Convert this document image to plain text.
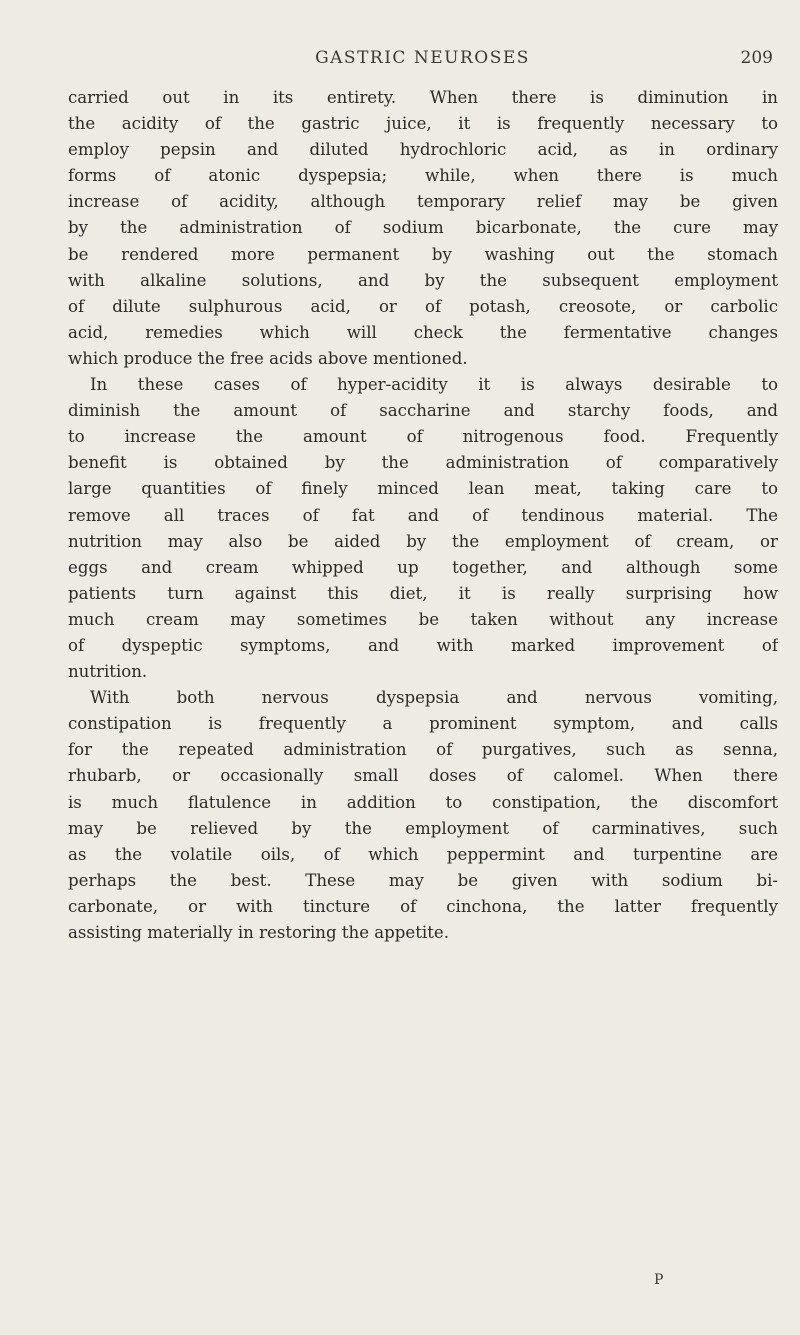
GASTRIC NEUROSES	209
carried out in its entirety. When there is diminution in
the acidity of the gastric juice, it is frequently necessary to
employ pepsin and diluted hydrochloric acid, as in ordinary
forms of atonic dyspepsia; while, when there is much
increase of acidity, although temporary relief may be given
by the administration of sodium bicarbonate, the cure may
be rendered more permanent by washing out the stomach
with alkaline solutions, and by the subsequent employment
of dilute sulphurous acid, or of potash, creosote, or carbolic
acid, remedies which will check the fermentative changes
which produce the free acids above mentioned.
In these cases of hyper-acidity it is always desirable to
diminish the amount of saccharine and starchy foods, and
to increase the amount of nitrogenous food. Frequently
benefit is obtained by the administration of comparatively
large quantities of finely minced lean meat, taking care to
remove all traces of fat and of tendinous material. The
nutrition may also be aided by the employment of cream, or
eggs and cream whipped up together, and although some
patients turn against this diet, it is really surprising how
much cream may sometimes be taken without any increase
of dyspeptic symptoms, and with marked improvement of
nutrition.
With both nervous dyspepsia and nervous vomiting,
constipation is frequently a prominent symptom, and calls
for the repeated administration of purgatives, such as senna,
rhubarb, or occasionally small doses of calomel. When there
is much flatulence in addition to constipation, the discomfort
may be relieved by the employment of carminatives, such
as the volatile oils, of which peppermint and turpentine are
perhaps the best. These may be given with sodium bi-
carbonate, or with tincture of cinchona, the latter frequently
assisting materially in restoring the appetite.
P
